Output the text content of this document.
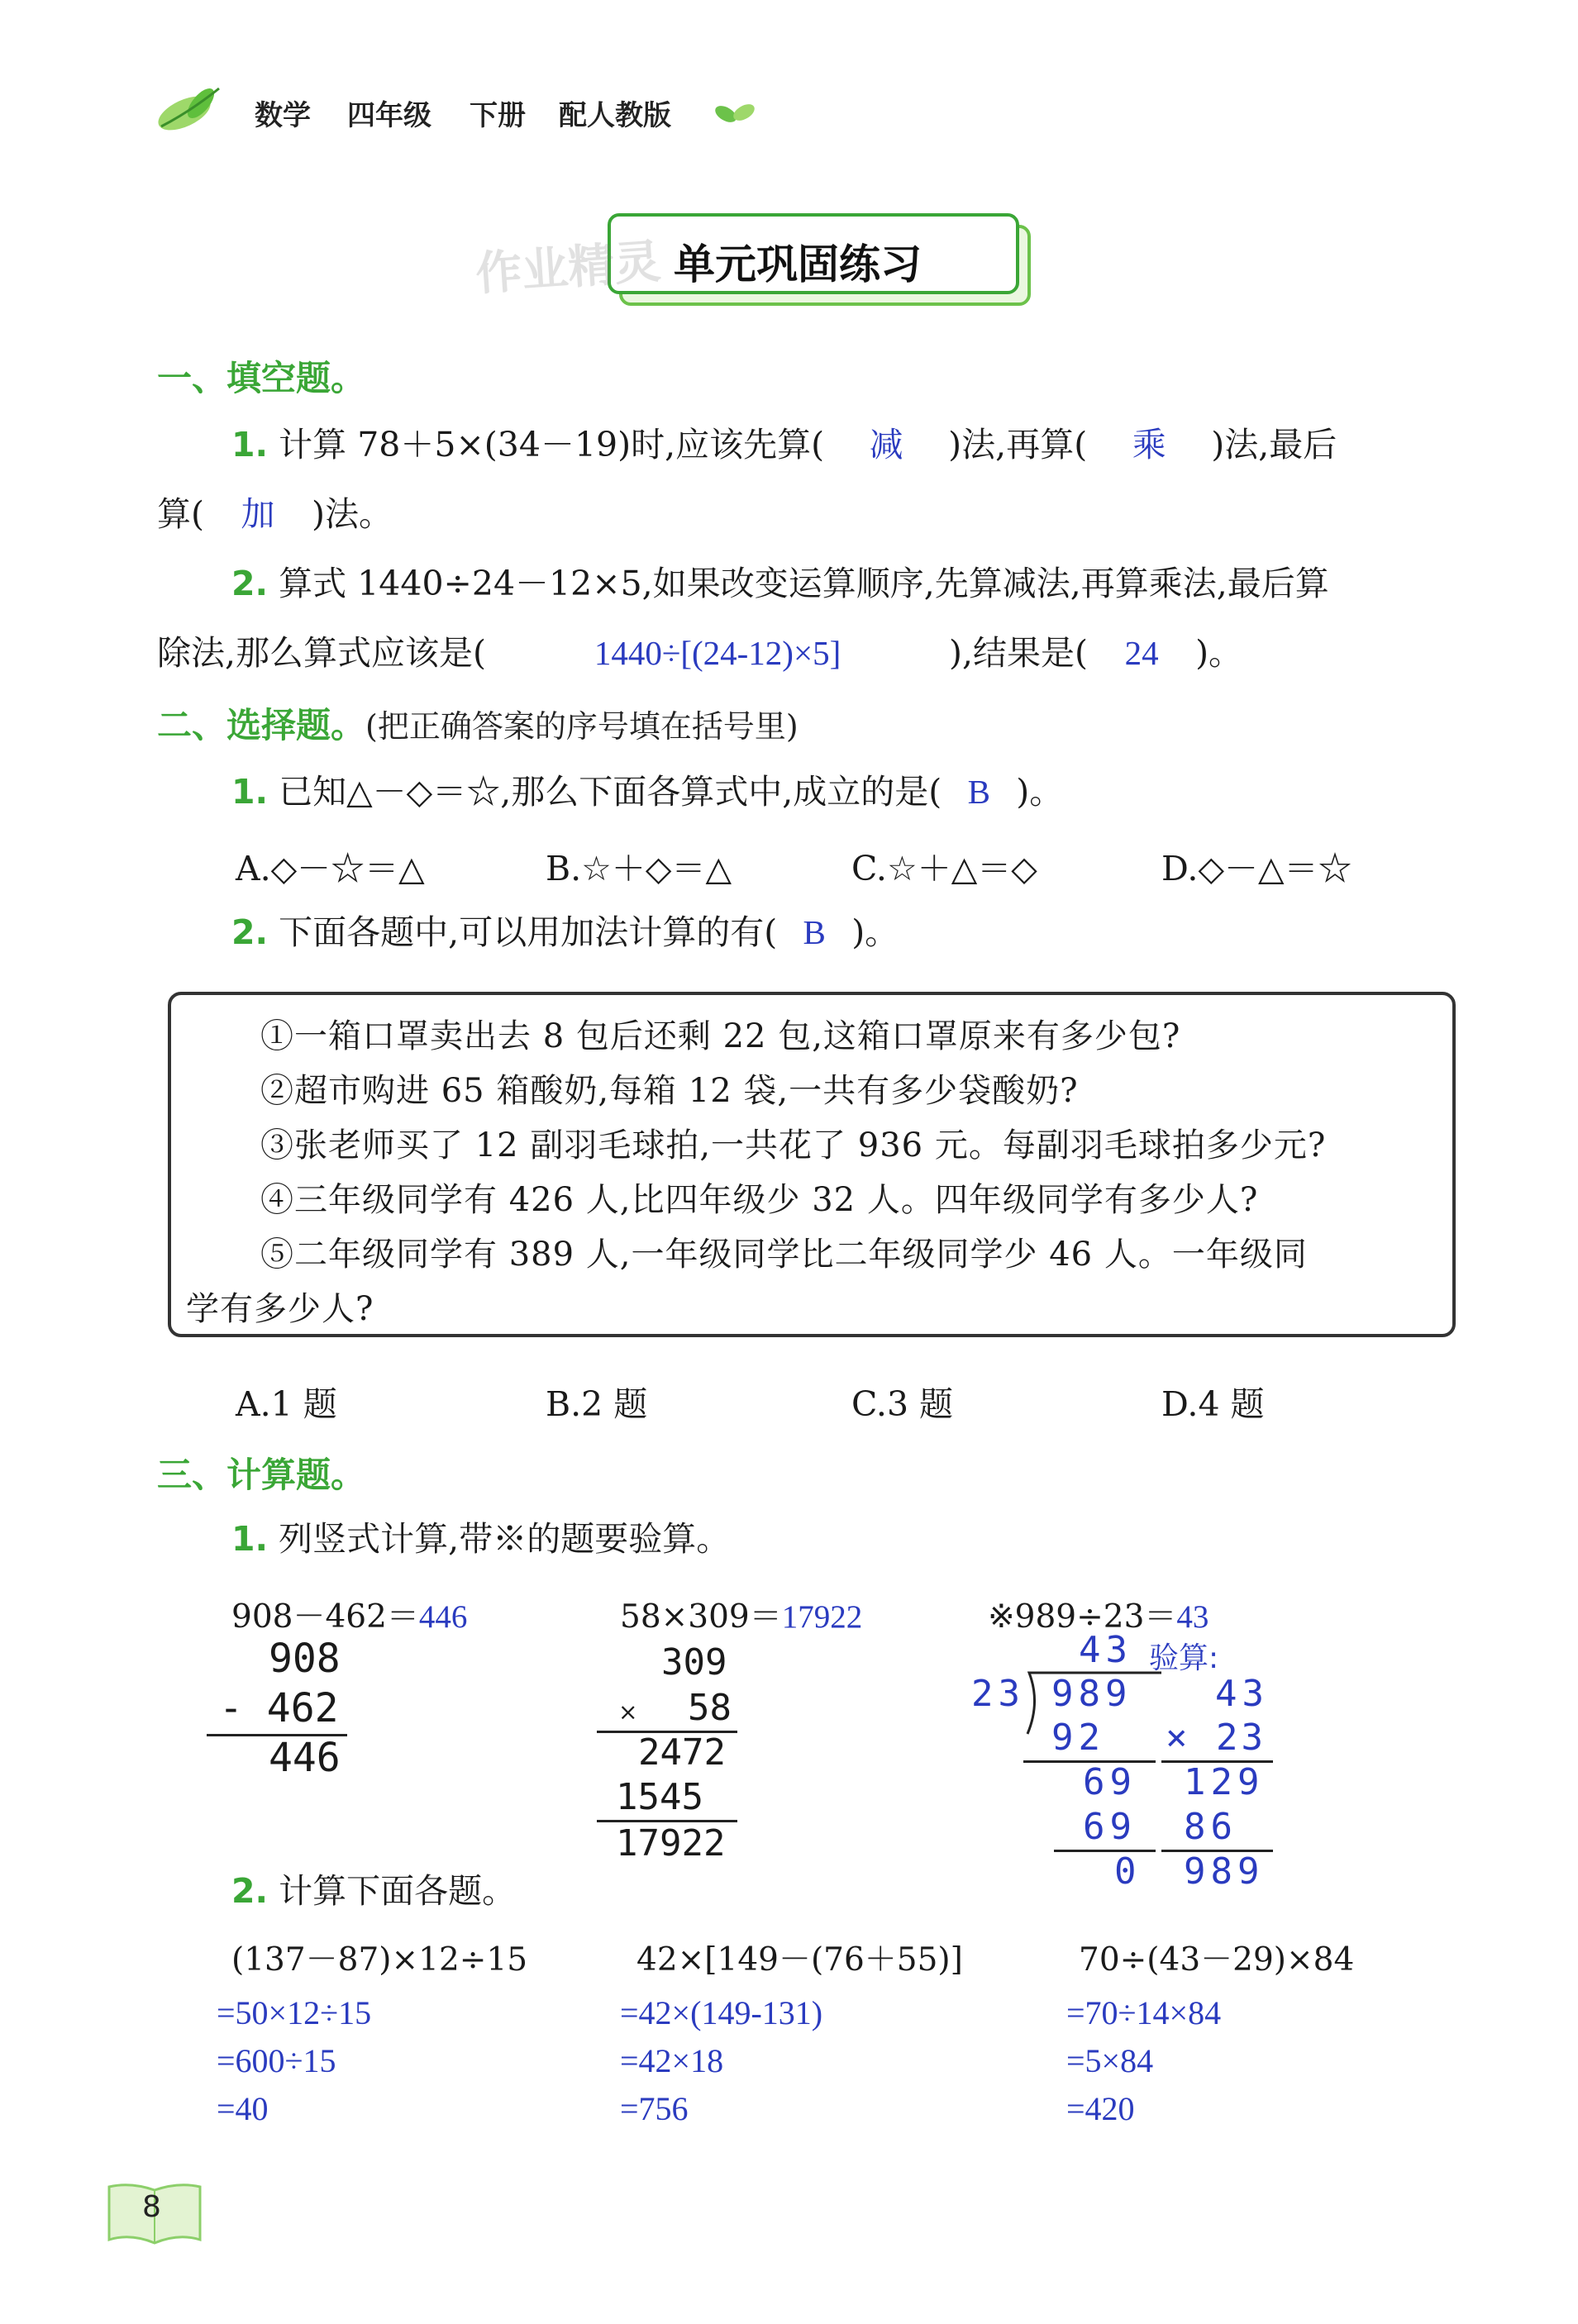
数学 四年级 下册 配人教版
作业精灵 单元巩固练习
一、填空题。
1. 计算 78＋5×(34－19)时,应该先算( 减 )法,再算( 乘 )法,最后
算( 加 )法。
2. 算式 1440÷24－12×5,如果改变运算顺序,先算减法,再算乘法,最后算
除法,那么算式应该是(	1440÷[(24-12)×5]	),结果是( 24 )。
二、选择题。(把正确答案的序号填在括号里)
1. 已知△－◇＝☆,那么下面各算式中,成立的是( B )。
A.◇－☆＝△	B.☆＋◇＝△	C.☆＋△＝◇	D.◇－△＝☆
2. 下面各题中,可以用加法计算的有( B )。
①一箱口罩卖出去 8 包后还剩 22 包,这箱口罩原来有多少包?
②超市购进 65 箱酸奶,每箱 12 袋,一共有多少袋酸奶?
③张老师买了 12 副羽毛球拍,一共花了 936 元。每副羽毛球拍多少元?
④三年级同学有 426 人,比四年级少 32 人。四年级同学有多少人?
⑤二年级同学有 389 人,一年级同学比二年级同学少 46 人。一年级同
学有多少人?
A.1 题	B.2 题	C.3 题	D.4 题
三、计算题。
1. 列竖式计算,带※的题要验算。
908－462＝446
908
- 462
446
58×309＝17922
309
× 58
2472
1545
17922
※989÷23＝43
43 验算:
23 989
92
69
69
0
43
× 23
129
86
989
2. 计算下面各题。
(137－87)×12÷15
=50×12÷15
=600÷15
=40
42×[149－(76＋55)]
=42×(149-131)
=42×18
=756
70÷(43－29)×84
=70÷14×84
=5×84
=420
8
